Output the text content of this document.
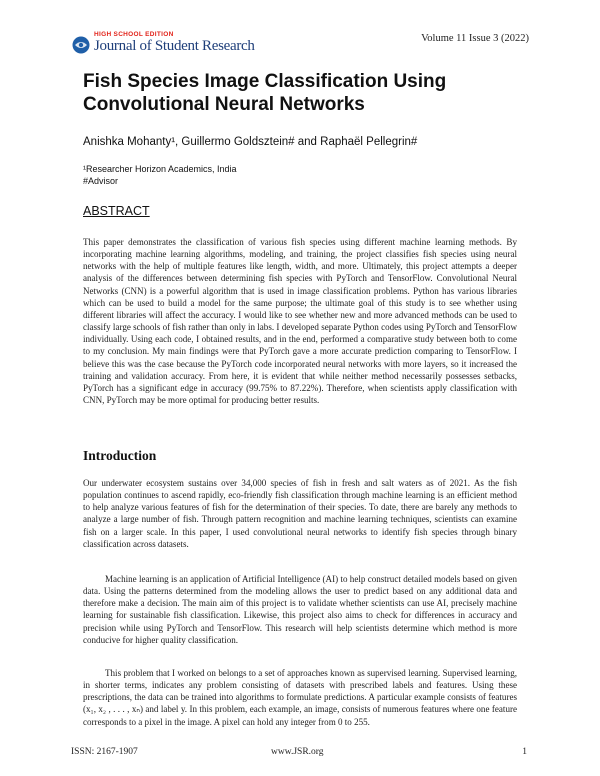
HIGH SCHOOL EDITION
Journal of Student Research	Volume 11 Issue 3 (2022)
Fish Species Image Classification Using Convolutional Neural Networks
Anishka Mohanty¹, Guillermo Goldsztein# and Raphaël Pellegrin#
¹Researcher Horizon Academics, India
#Advisor
ABSTRACT

This paper demonstrates the classification of various fish species using different machine learning methods. By incorporating machine learning algorithms, modeling, and training, the project classifies fish species using neural networks with the help of multiple features like length, width, and more. Ultimately, this project attempts a deeper analysis of the differences between determining fish species with PyTorch and TensorFlow. Convolutional Neural Networks (CNN) is a powerful algorithm that is used in image classification problems. Python has various libraries which can be used to build a model for the same purpose; the ultimate goal of this study is to see whether using different libraries will affect the accuracy. I would like to see whether new and more advanced methods can be used to classify large schools of fish rather than only in labs. I developed separate Python codes using PyTorch and TensorFlow individually. Using each code, I obtained results, and in the end, performed a comparative study between both to come to my conclusion. My main findings were that PyTorch gave a more accurate prediction comparing to TensorFlow. I believe this was the case because the PyTorch code incorporated neural networks with more layers, so it increased the training and validation accuracy. From here, it is evident that while neither method necessarily possesses setbacks, PyTorch has a significant edge in accuracy (99.75% to 87.22%). Therefore, when scientists apply classification with CNN, PyTorch may be more optimal for producing better results.

Introduction

Our underwater ecosystem sustains over 34,000 species of fish in fresh and salt waters as of 2021. As the fish population continues to ascend rapidly, eco-friendly fish classification through machine learning is an efficient method to help analyze various features of fish for the determination of their species. To date, there are barely any methods to analyze a large number of fish. Through pattern recognition and machine learning techniques, scientists can examine fish on a larger scale. In this paper, I used convolutional neural networks to identify fish species through binary classification across datasets.

Machine learning is an application of Artificial Intelligence (AI) to help construct detailed models based on given data. Using the patterns determined from the modeling allows the user to predict based on any additional data and therefore make a decision. The main aim of this project is to validate whether scientists can use AI, precisely machine learning for sustainable fish classification. Likewise, this project also aims to check for differences in accuracy and precision while using PyTorch and TensorFlow. This research will help scientists determine which method is more conducive for higher quality classification.

This problem that I worked on belongs to a set of approaches known as supervised learning. Supervised learning, in shorter terms, indicates any problem consisting of datasets with prescribed labels and features. Using these prescriptions, the data can be trained into algorithms to formulate predictions. A particular example consists of features (x₁, x₂ , . . . , xₙ) and label y. In this problem, each example, an image, consists of numerous features where one feature corresponds to a pixel in the image. A pixel can hold any integer from 0 to 255.

ISSN: 2167-1907	www.JSR.org	1
